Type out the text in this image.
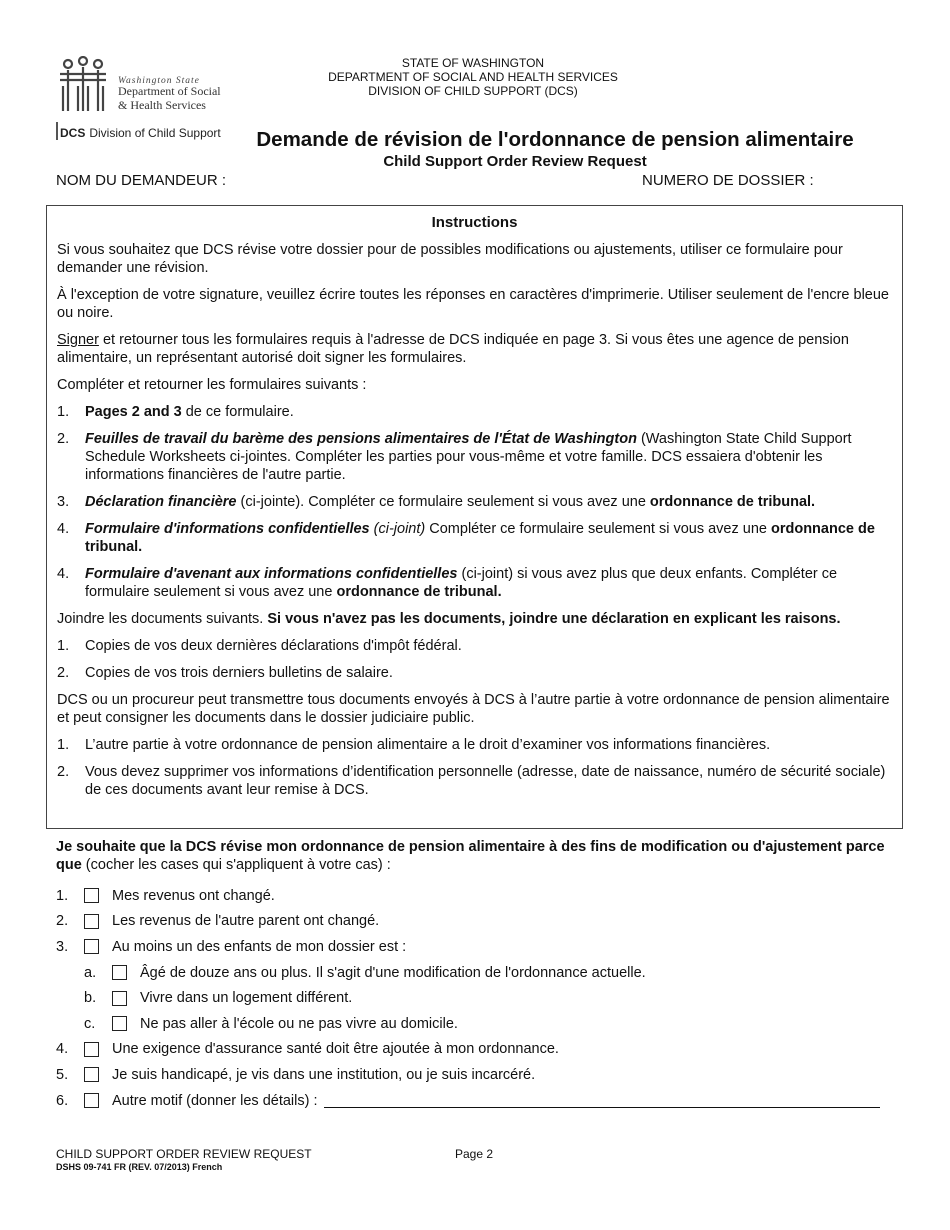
Washington State
Department of Social
& Health Services
DCS Division of Child Support
STATE OF WASHINGTON
DEPARTMENT OF SOCIAL AND HEALTH SERVICES
DIVISION OF CHILD SUPPORT (DCS)
Demande de révision de l'ordonnance de pension alimentaire
Child Support Order Review Request
NOM DU DEMANDEUR :	NUMERO DE DOSSIER :
Instructions
Si vous souhaitez que DCS révise votre dossier pour de possibles modifications ou ajustements, utiliser ce formulaire pour demander une révision.
À l'exception de votre signature, veuillez écrire toutes les réponses en caractères d'imprimerie. Utiliser seulement de l'encre bleue ou noire.
Signer et retourner tous les formulaires requis à l'adresse de DCS indiquée en page 3. Si vous êtes une agence de pension alimentaire, un représentant autorisé doit signer les formulaires.
Compléter et retourner les formulaires suivants :
1.	Pages 2 and 3 de ce formulaire.
2.	Feuilles de travail du barème des pensions alimentaires de l'État de Washington (Washington State Child Support Schedule Worksheets ci-jointes. Compléter les parties pour vous-même et votre famille. DCS essaiera d'obtenir les informations financières de l'autre partie.
3.	Déclaration financière (ci-jointe). Compléter ce formulaire seulement si vous avez une ordonnance de tribunal.
4.	Formulaire d'informations confidentielles (ci-joint) Compléter ce formulaire seulement si vous avez une ordonnance de tribunal.
4.	Formulaire d'avenant aux informations confidentielles (ci-joint) si vous avez plus que deux enfants. Compléter ce formulaire seulement si vous avez une ordonnance de tribunal.
Joindre les documents suivants. Si vous n'avez pas les documents, joindre une déclaration en explicant les raisons.
1.	Copies de vos deux dernières déclarations d'impôt fédéral.
2.	Copies de vos trois derniers bulletins de salaire.
DCS ou un procureur peut transmettre tous documents envoyés à DCS à l’autre partie à votre ordonnance de pension alimentaire et peut consigner les documents dans le dossier judiciaire public.
1.	L’autre partie à votre ordonnance de pension alimentaire a le droit d’examiner vos informations financières.
2.	Vous devez supprimer vos informations d’identification personnelle (adresse, date de naissance, numéro de sécurité sociale) de ces documents avant leur remise à DCS.
Je souhaite que la DCS révise mon ordonnance de pension alimentaire à des fins de modification ou d'ajustement parce que (cocher les cases qui s'appliquent à votre cas) :
1.	Mes revenus ont changé.
2.	Les revenus de l'autre parent ont changé.
3.	Au moins un des enfants de mon dossier est :
a.	Âgé de douze ans ou plus. Il s'agit d'une modification de l'ordonnance actuelle.
b.	Vivre dans un logement différent.
c.	Ne pas aller à l'école ou ne pas vivre au domicile.
4.	Une exigence d'assurance santé doit être ajoutée à mon ordonnance.
5.	Je suis handicapé, je vis dans une institution, ou je suis incarcéré.
6.	Autre motif (donner les détails) :
CHILD SUPPORT ORDER REVIEW REQUEST
DSHS 09-741 FR (REV. 07/2013) French
Page 2
